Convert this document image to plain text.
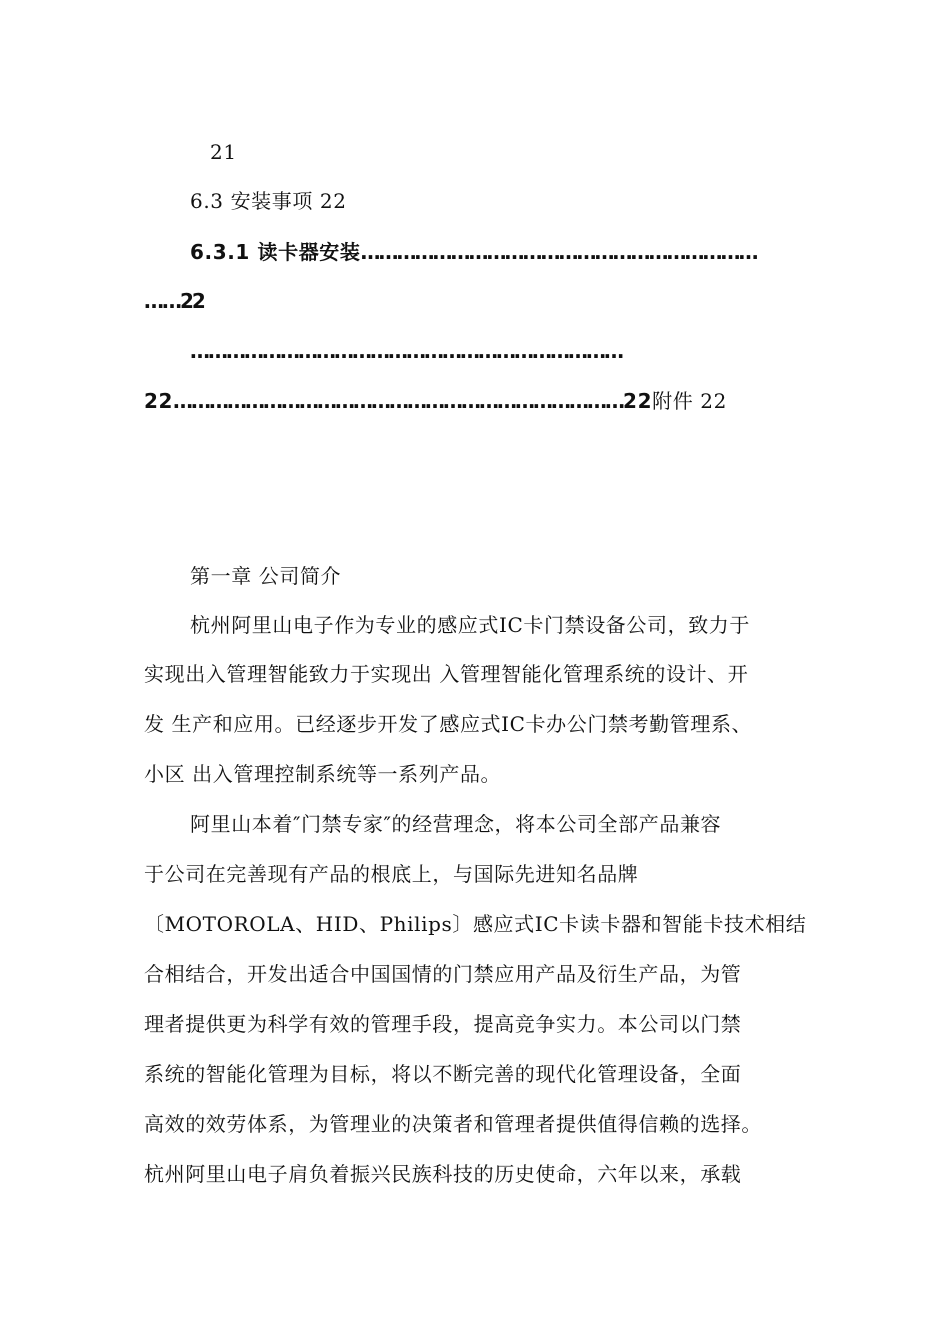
21
6.3 安装事项 22
6.3.1 读卡器安装…………………………………………………………
……22
………………………………………………………………
22…………………………………………………………………22附件 22
第一章 公司简介
杭州阿里山电子作为专业的感应式IC卡门禁设备公司，致力于
实现出入管理智能致力于实现出 入管理智能化管理系统的设计、开
发 生产和应用。已经逐步开发了感应式IC卡办公门禁考勤管理系、
小区 出入管理控制系统等一系列产品。
阿里山本着″门禁专家″的经营理念，将本公司全部产品兼容
于公司在完善现有产品的根底上，与国际先进知名品牌
〔MOTOROLA、HID、Philips〕感应式IC卡读卡器和智能卡技术相结
合相结合，开发出适合中国国情的门禁应用产品及衍生产品，为管
理者提供更为科学有效的管理手段，提高竞争实力。本公司以门禁
系统的智能化管理为目标，将以不断完善的现代化管理设备，全面
高效的效劳体系，为管理业的决策者和管理者提供值得信赖的选择。
杭州阿里山电子肩负着振兴民族科技的历史使命，六年以来，承载
